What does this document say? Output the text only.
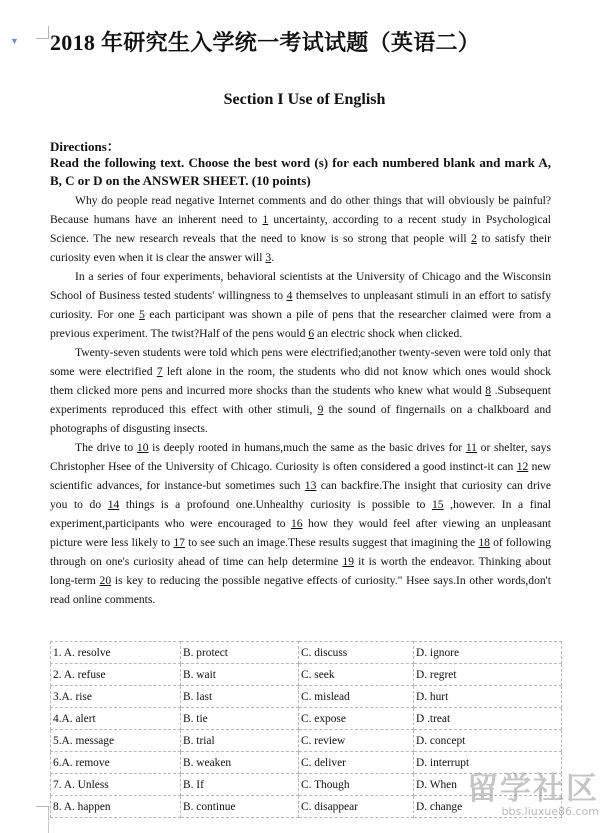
▼ 2018 年研究生入学统一考试试题（英语二）
Section I Use of English
Directions：
Read the following text. Choose the best word (s) for each numbered blank and mark A, B, C or D on the ANSWER SHEET. (10 points)

Why do people read negative Internet comments and do other things that will obviously be painful? Because humans have an inherent need to 1 uncertainty, according to a recent study in Psychological Science. The new research reveals that the need to know is so strong that people will 2 to satisfy their curiosity even when it is clear the answer will 3.

In a series of four experiments, behavioral scientists at the University of Chicago and the Wisconsin School of Business tested students' willingness to 4 themselves to unpleasant stimuli in an effort to satisfy curiosity. For one 5 each participant was shown a pile of pens that the researcher claimed were from a previous experiment. The twist?Half of the pens would 6 an electric shock when clicked.

Twenty-seven students were told which pens were electrified;another twenty-seven were told only that some were electrified 7 left alone in the room, the students who did not know which ones would shock them clicked more pens and incurred more shocks than the students who knew what would 8 .Subsequent experiments reproduced this effect with other stimuli, 9 the sound of fingernails on a chalkboard and photographs of disgusting insects.

The drive to 10 is deeply rooted in humans,much the same as the basic drives for 11 or shelter, says Christopher Hsee of the University of Chicago. Curiosity is often considered a good instinct-it can 12 new scientific advances, for instance-but sometimes such 13 can backfire.The insight that curiosity can drive you to do 14 things is a profound one.Unhealthy curiosity is possible to 15 ,however. In a final experiment,participants who were encouraged to 16 how they would feel after viewing an unpleasant picture were less likely to 17 to see such an image.These results suggest that imagining the 18 of following through on one's curiosity ahead of time can help determine 19 it is worth the endeavor. Thinking about long-term 20 is key to reducing the possible negative effects of curiosity." Hsee says.In other words,don't read online comments.

1. A. resolve	B. protect	C. discuss	D. ignore
2. A. refuse	B. wait	C. seek	D. regret
3.A. rise	B. last	C. mislead	D. hurt
4.A. alert	B. tie	C. expose	D .treat
5.A. message	B. trial	C. review	D. concept
6.A. remove	B. weaken	C. deliver	D. interrupt
7. A. Unless	B. If	C. Though	D. When
8. A. happen	B. continue	C. disappear	D. change 留学社区
bbs.liuxue86.com
